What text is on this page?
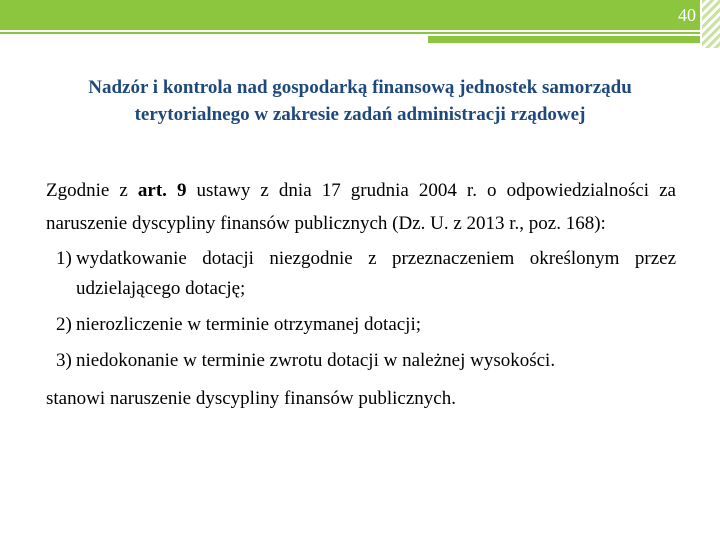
40
Nadzór i kontrola nad gospodarką finansową jednostek samorządu
terytorialnego w zakresie zadań administracji rządowej

Zgodnie z art. 9 ustawy z dnia 17 grudnia 2004 r. o odpowiedzialności za naruszenie dyscypliny finansów publicznych (Dz. U. z 2013 r., poz. 168):

1) wydatkowanie dotacji niezgodnie z przeznaczeniem określonym przez udzielającego dotację;
2) nierozliczenie w terminie otrzymanej dotacji;
3) niedokonanie w terminie zwrotu dotacji w należnej wysokości.

stanowi naruszenie dyscypliny finansów publicznych.
